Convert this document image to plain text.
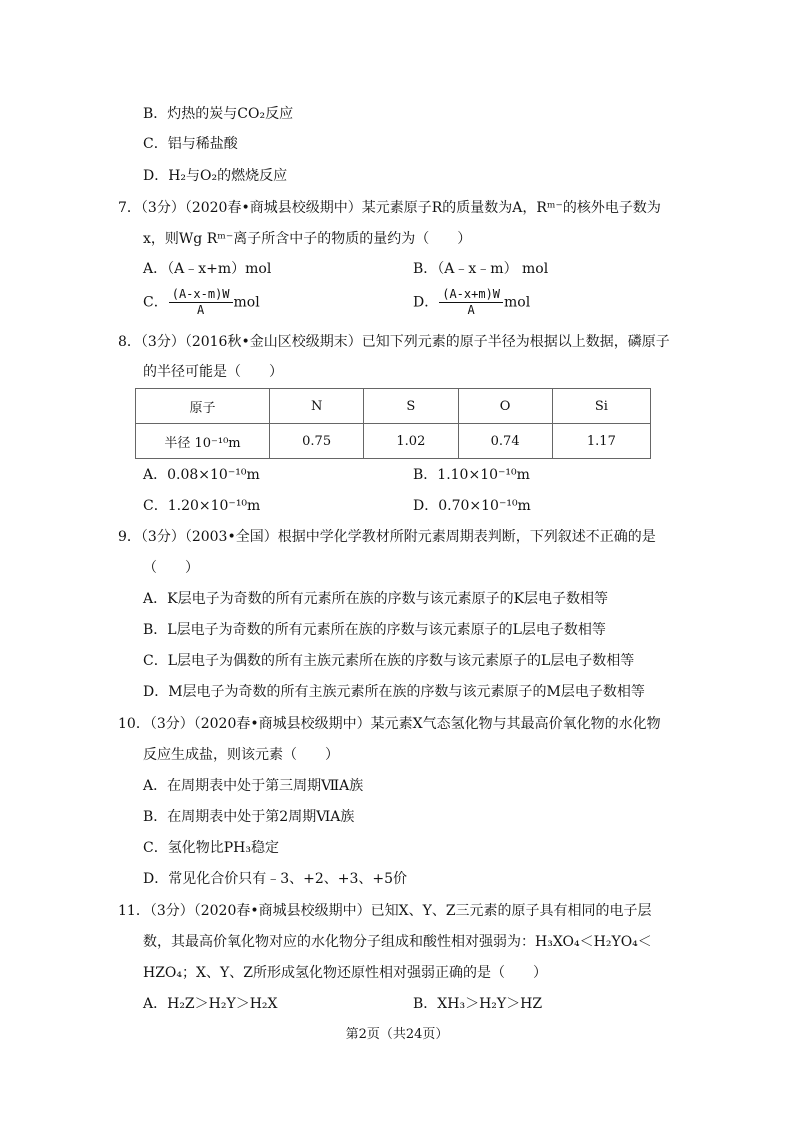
B．灼热的炭与CO₂反应
C．铝与稀盐酸
D．H₂与O₂的燃烧反应
7．（3分）（2020春•商城县校级期中）某元素原子R的质量数为A，Rᵐ⁻的核外电子数为
x，则Wg Rᵐ⁻离子所含中子的物质的量约为（　　）
A．（A﹣x+m）mol	B．（A﹣x﹣m） mol
C． $\frac{(A-x-m)W}{A}$ mol	D． $\frac{(A-x+m)W}{A}$ mol
8．（3分）（2016秋•金山区校级期末）已知下列元素的原子半径为根据以上数据，磷原子
的半径可能是（　　）
原子	N	S	O	Si
半径 10⁻¹⁰m	0.75	1.02	0.74	1.17
A．0.08×10⁻¹⁰m	B．1.10×10⁻¹⁰m
C．1.20×10⁻¹⁰m	D．0.70×10⁻¹⁰m
9．（3分）（2003•全国）根据中学化学教材所附元素周期表判断，下列叙述不正确的是
（　　）
A．K层电子为奇数的所有元素所在族的序数与该元素原子的K层电子数相等
B．L层电子为奇数的所有元素所在族的序数与该元素原子的L层电子数相等
C．L层电子为偶数的所有主族元素所在族的序数与该元素原子的L层电子数相等
D．M层电子为奇数的所有主族元素所在族的序数与该元素原子的M层电子数相等
10．（3分）（2020春•商城县校级期中）某元素X气态氢化物与其最高价氧化物的水化物
反应生成盐，则该元素（　　）
A．在周期表中处于第三周期ⅦA族
B．在周期表中处于第2周期ⅥA族
C．氢化物比PH₃稳定
D．常见化合价只有﹣3、+2、+3、+5价
11．（3分）（2020春•商城县校级期中）已知X、Y、Z三元素的原子具有相同的电子层
数，其最高价氧化物对应的水化物分子组成和酸性相对强弱为：H₃XO₄＜H₂YO₄＜
HZO₄；X、Y、Z所形成氢化物还原性相对强弱正确的是（　　）
A．H₂Z＞H₂Y＞H₂X	B．XH₃＞H₂Y＞HZ
第2页（共24页）
